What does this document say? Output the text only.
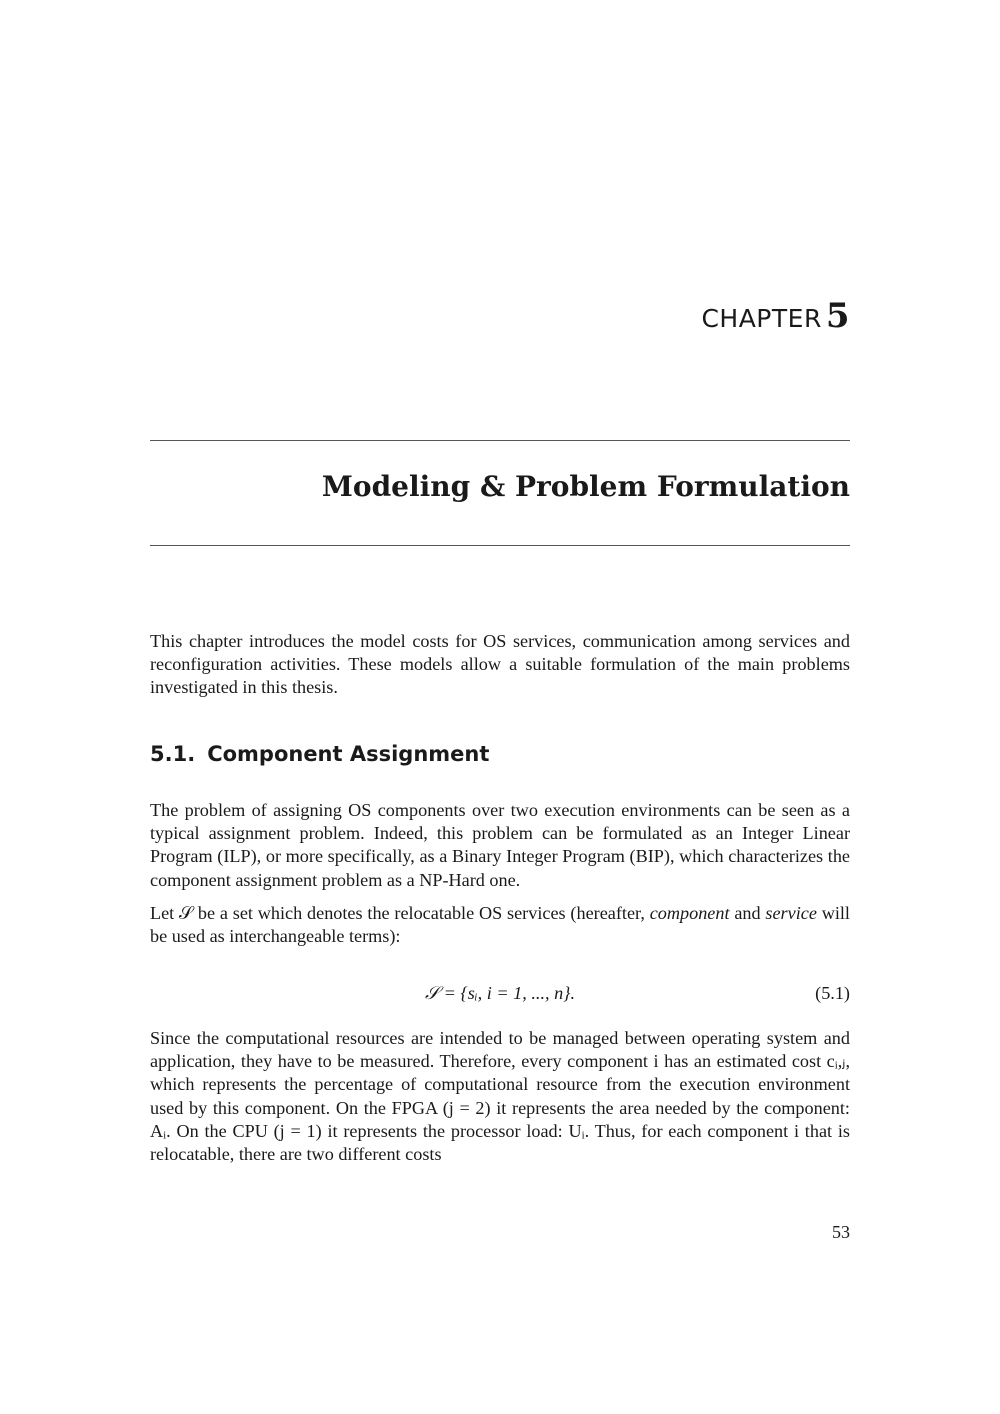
CHAPTER 5
Modeling & Problem Formulation

This chapter introduces the model costs for OS services, communication among services and reconfiguration activities. These models allow a suitable formulation of the main problems investigated in this thesis.

5.1. Component Assignment

The problem of assigning OS components over two execution environments can be seen as a typical assignment problem. Indeed, this problem can be formulated as an Integer Linear Program (ILP), or more specifically, as a Binary Integer Program (BIP), which characterizes the component assignment problem as a NP-Hard one.

Let 𝒮 be a set which denotes the relocatable OS services (hereafter, component and service will be used as interchangeable terms):

𝒮 = {sᵢ, i = 1, ..., n}.	(5.1)

Since the computational resources are intended to be managed between operating system and application, they have to be measured. Therefore, every component i has an estimated cost cᵢ,ⱼ, which represents the percentage of computational resource from the execution environment used by this component. On the FPGA (j = 2) it represents the area needed by the component: Aᵢ. On the CPU (j = 1) it represents the processor load: Uᵢ. Thus, for each component i that is relocatable, there are two different costs

53
